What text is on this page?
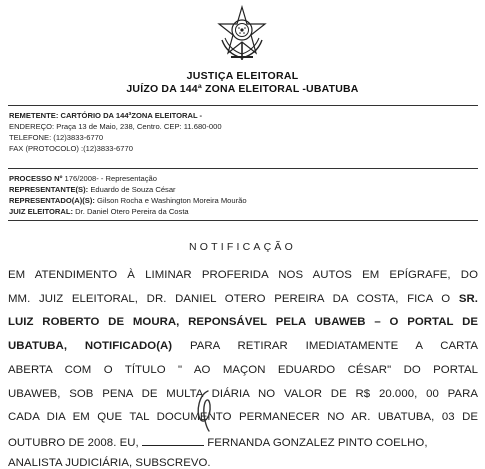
JUSTIÇA ELEITORAL
JUÍZO DA 144ª ZONA ELEITORAL -UBATUBA
REMETENTE: CARTÓRIO DA 144ªZONA ELEITORAL -
ENDEREÇO: Praça 13 de Maio, 238, Centro. CEP: 11.680-000
TELEFONE: (12)3833-6770
FAX (PROTOCOLO) :(12)3833-6770
PROCESSO Nº 176/2008- - Representação
REPRESENTANTE(S): Eduardo de Souza César
REPRESENTADO(A)(S): Gilson Rocha e Washington Moreira Mourão
JUIZ ELEITORAL: Dr. Daniel Otero Pereira da Costa
NOTIFICAÇÃO
EM ATENDIMENTO À LIMINAR PROFERIDA NOS AUTOS EM EPÍGRAFE, DO
MM. JUIZ ELEITORAL, DR. DANIEL OTERO PEREIRA DA COSTA, FICA O SR.
LUIZ ROBERTO DE MOURA, REPONSÁVEL PELA UBAWEB – O PORTAL DE
UBATUBA, NOTIFICADO(A) PARA RETIRAR IMEDIATAMENTE A CARTA
ABERTA COM O TÍTULO " AO MAÇON EDUARDO CÉSAR" DO PORTAL
UBAWEB, SOB PENA DE MULTA DIÁRIA NO VALOR DE R$ 20.000, 00 PARA
CADA DIA EM QUE TAL DOCUMENTO PERMANECER NO AR. UBATUBA, 03 DE
OUTUBRO DE 2008. EU,	FERNANDA GONZALEZ PINTO COELHO,
ANALISTA JUDICIÁRIA, SUBSCREVO.
